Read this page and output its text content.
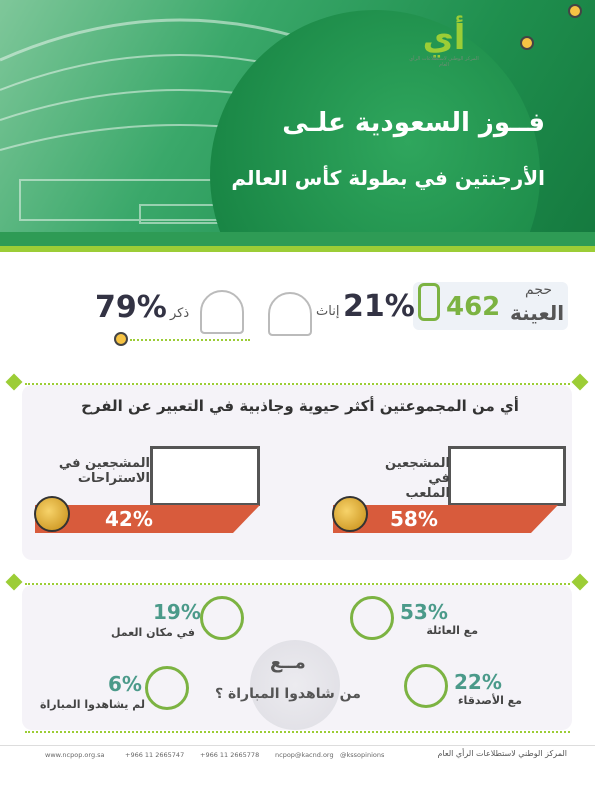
فــوز السعودية علـى
الأرجنتين في بطولة كأس العالم
أي
المركز الوطني لاستطلاعات الرأي العام
462
حجم
العينة
21%
إناث
ذكر
79%
أي من المجموعتين أكثر حيوية وجاذبية في التعبير عن الفرح
المشجعين في الملعب
58%
المشجعين في الاستراحات
42%
مــع
من شاهدوا المباراة ؟
53%
مع العائلة
19%
في مكان العمل
22%
مع الأصدقاء
6%
لم يشاهدوا المباراة
المركز الوطني لاستطلاعات الرأي العام
@kssopinions
ncpop@kacnd.org
+966 11 2665778
+966 11 2665747
www.ncpop.org.sa
